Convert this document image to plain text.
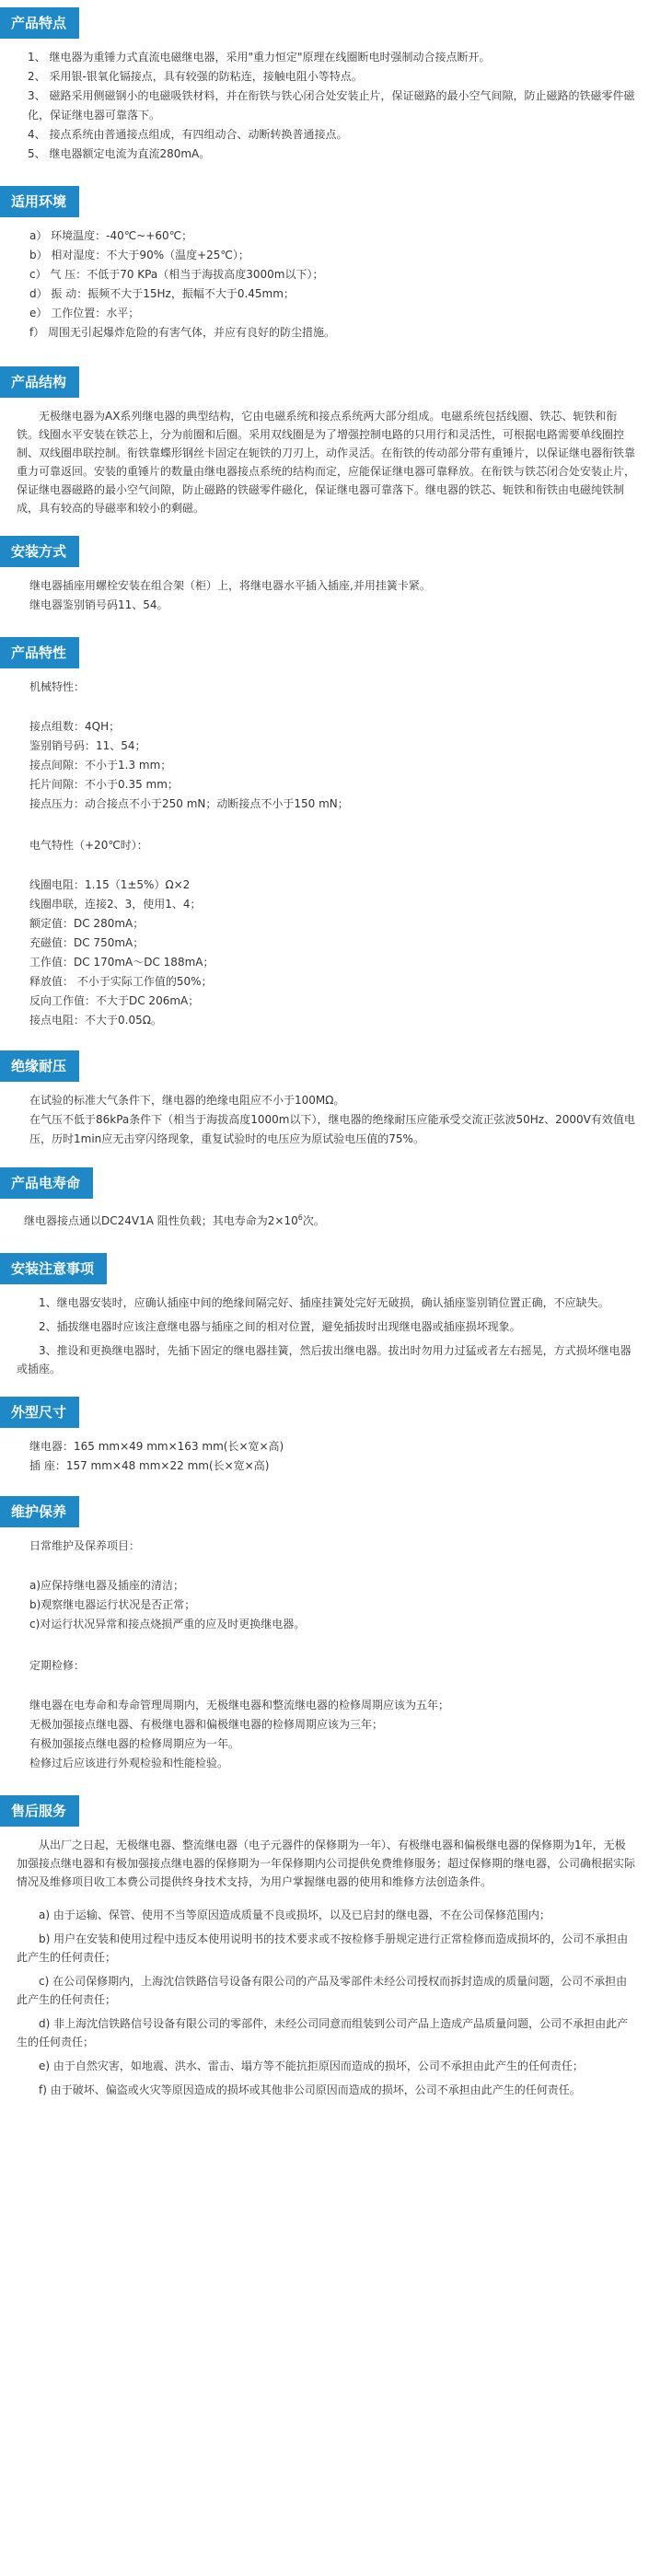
产品特点

1、 继电器为重锤力式直流电磁继电器，采用"重力恒定"原理在线圈断电时强制动合接点断开。

2、 采用银-银氧化镉接点，具有较强的防粘连，接触电阻小等特点。

3、 磁路采用侧磁钢小的电磁吸铁材料，并在衔铁与铁心闭合处安装止片，保证磁路的最小空气间隙，防止磁路的铁磁零件磁化，保证继电器可靠落下。

4、 接点系统由普通接点组成，有四组动合、动断转换普通接点。

5、 继电器额定电流为直流280mA。

适用环境

a） 环境温度：-40℃~+60℃；

b） 相对湿度：不大于90%（温度+25℃）；

c） 气 压：不低于70 KPa（相当于海拔高度3000m以下）；

d） 振 动：振频不大于15Hz，振幅不大于0.45mm；

e） 工作位置：水平；

f） 周围无引起爆炸危险的有害气体，并应有良好的防尘措施。

产品结构

无极继电器为AX系列继电器的典型结构，它由电磁系统和接点系统两大部分组成。电磁系统包括线圈、铁芯、轭铁和衔铁。线圈水平安装在铁芯上，分为前圈和后圈。采用双线圈是为了增强控制电路的只用行和灵活性，可根据电路需要单线圈控制、双线圈串联控制。衔铁靠蝶形钢丝卡固定在轭铁的刀刃上，动作灵活。在衔铁的传动部分带有重锤片，以保证继电器衔铁靠重力可靠返回。安装的重锤片的数量由继电器接点系统的结构而定，应能保证继电器可靠释放。在衔铁与铁芯闭合处安装止片，保证继电器磁路的最小空气间隙，防止磁路的铁磁零件磁化，保证继电器可靠落下。继电器的铁芯、轭铁和衔铁由电磁纯铁制成，具有较高的导磁率和较小的剩磁。

安装方式

继电器插座用螺栓安装在组合架（柜）上，将继电器水平插入插座,并用挂簧卡紧。

继电器鉴别销号码11、54。

产品特性

机械特性：

接点组数：4QH；

鉴别销号码：11、54；

接点间隙：不小于1.3 mm；

托片间隙：不小于0.35 mm；

接点压力：动合接点不小于250 mN；动断接点不小于150 mN；

电气特性（+20℃时）：

线圈电阻：1.15（1±5%）Ω×2

线圈串联，连接2、3，使用1、4；

额定值：DC 280mA；

充磁值：DC 750mA；

工作值：DC 170mA～DC 188mA；

释放值： 不小于实际工作值的50%；

反向工作值：不大于DC 206mA；

接点电阻：不大于0.05Ω。

绝缘耐压

在试验的标准大气条件下，继电器的绝缘电阻应不小于100MΩ。

在气压不低于86kPa条件下（相当于海拔高度1000m以下），继电器的绝缘耐压应能承受交流正弦波50Hz、2000V有效值电压，历时1min应无击穿闪络现象，重复试验时的电压应为原试验电压值的75%。

产品电寿命

继电器接点通以DC24V1A 阻性负载；其电寿命为$2\times 10^6$次。

安装注意事项

1、继电器安装时，应确认插座中间的绝缘间隔完好、插座挂簧处完好无破损，确认插座鉴别销位置正确，不应缺失。

2、插拔继电器时应该注意继电器与插座之间的相对位置，避免插拔时出现继电器或插座损坏现象。

3、推设和更换继电器时，先插下固定的继电器挂簧，然后拔出继电器。拔出时勿用力过猛或者左右摇晃，方式损坏继电器或插座。

外型尺寸

继电器：165 mm×49 mm×163 mm(长×宽×高)

插 座：157 mm×48 mm×22 mm(长×宽×高)

维护保养

日常维护及保养项目：

a)应保持继电器及插座的清洁；

b)观察继电器运行状况是否正常；

c)对运行状况异常和接点烧损严重的应及时更换继电器。

定期检修：

继电器在电寿命和寿命管理周期内，无极继电器和整流继电器的检修周期应该为五年；

无极加强接点继电器、有极继电器和偏极继电器的检修周期应该为三年；

有极加强接点继电器的检修周期应为一年。

检修过后应该进行外观检验和性能检验。

售后服务

从出厂之日起，无极继电器、整流继电器（电子元器件的保修期为一年）、有极继电器和偏极继电器的保修期为1年，无极加强接点继电器和有极加强接点继电器的保修期为一年保修期内公司提供免费维修服务；超过保修期的继电器，公司确根据实际情况及维修项目收工本费公司提供终身技术支持，为用户掌握继电器的使用和维修方法创造条件。

a) 由于运输、保管、使用不当等原因造成质量不良或损坏，以及已启封的继电器，不在公司保修范围内；

b) 用户在安装和使用过程中违反本使用说明书的技术要求或不按检修手册规定进行正常检修而造成损坏的，公司不承担由此产生的任何责任；

c) 在公司保修期内，上海沈信铁路信号设备有限公司的产品及零部件未经公司授权而拆封造成的质量问题，公司不承担由此产生的任何责任；

d) 非上海沈信铁路信号设备有限公司的零部件，未经公司同意而组装到公司产品上造成产品质量问题，公司不承担由此产生的任何责任；

e) 由于自然灾害，如地震、洪水、雷击、塌方等不能抗拒原因而造成的损坏，公司不承担由此产生的任何责任；

f) 由于破坏、偏盗或火灾等原因造成的损坏或其他非公司原因而造成的损坏，公司不承担由此产生的任何责任。
